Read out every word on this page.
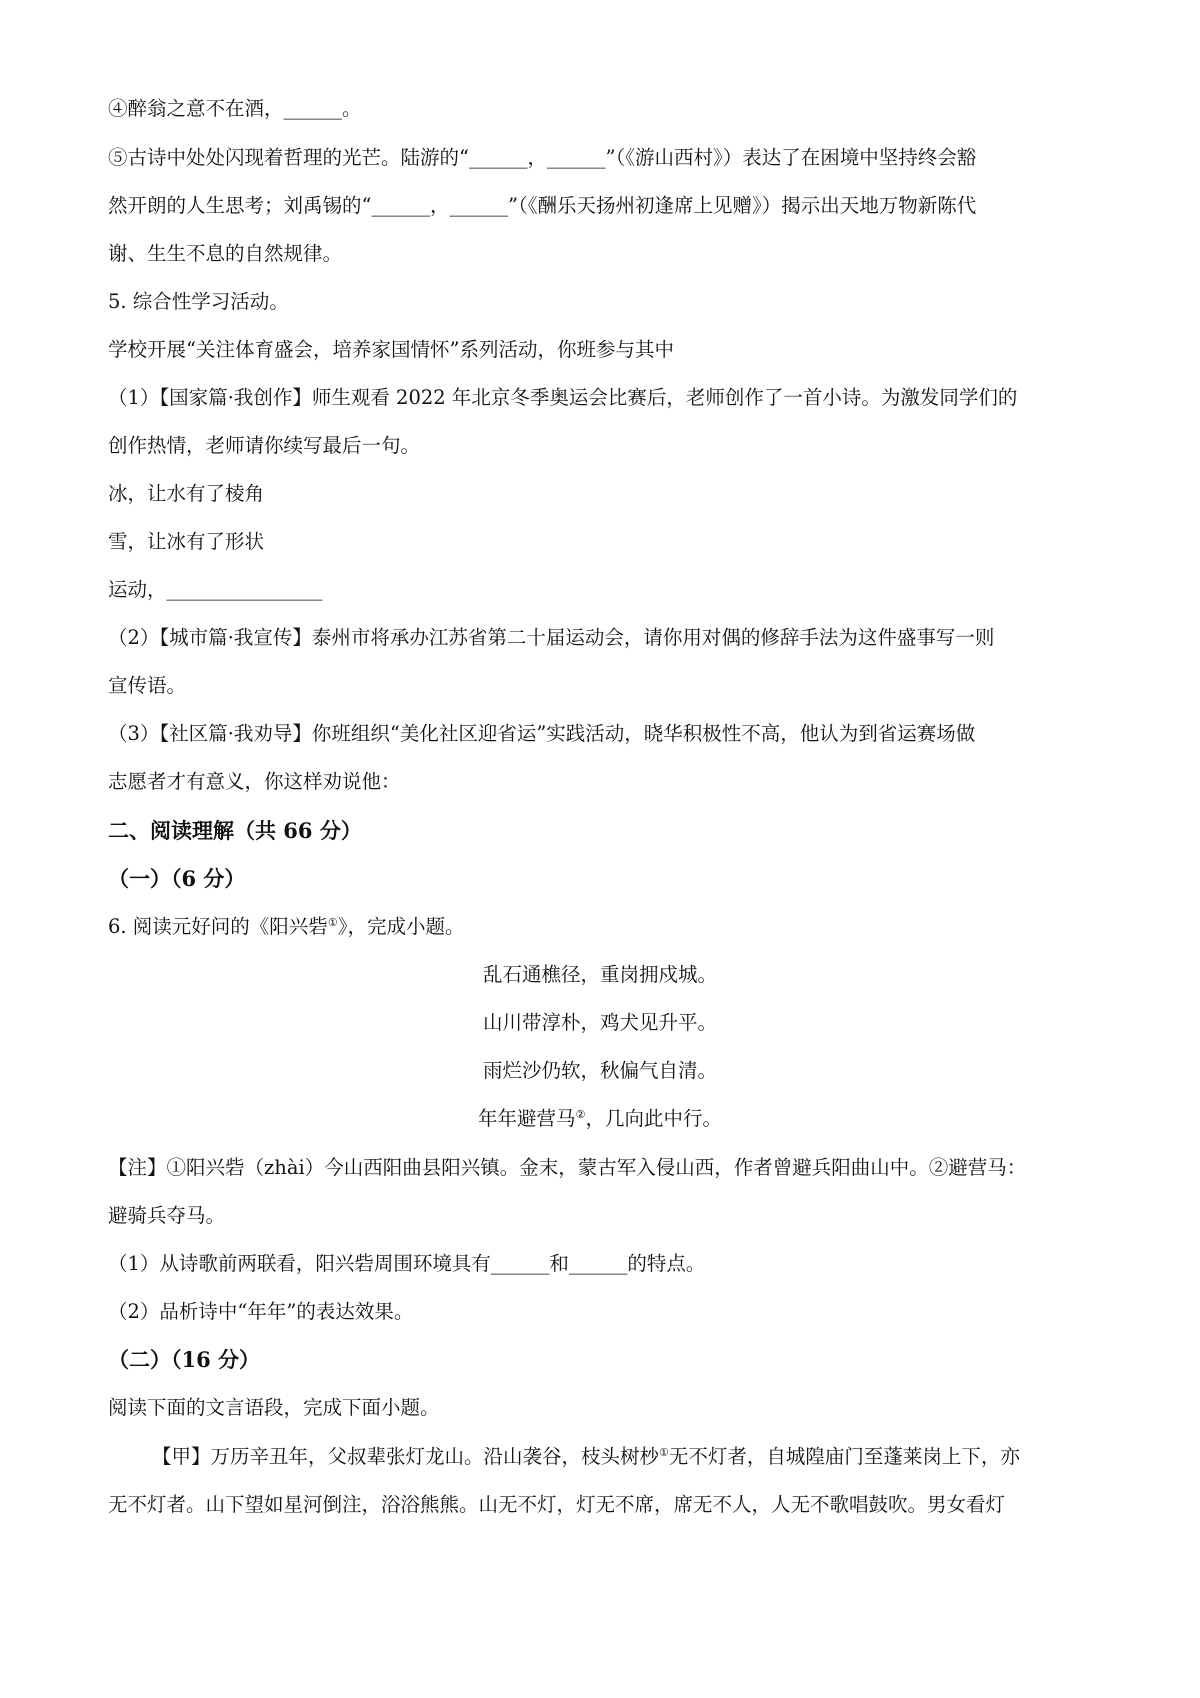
④醉翁之意不在酒，______。
⑤古诗中处处闪现着哲理的光芒。陆游的“______，______”（《游山西村》）表达了在困境中坚持终会豁
然开朗的人生思考；刘禹锡的“______，______”（《酬乐天扬州初逢席上见赠》）揭示出天地万物新陈代
谢、生生不息的自然规律。
5. 综合性学习活动。
学校开展“关注体育盛会，培养家国情怀”系列活动，你班参与其中
（1）【国家篇·我创作】师生观看 2022 年北京冬季奥运会比赛后，老师创作了一首小诗。为激发同学们的
创作热情，老师请你续写最后一句。
冰，让水有了棱角
雪，让冰有了形状
运动，________________
（2）【城市篇·我宣传】泰州市将承办江苏省第二十届运动会，请你用对偶的修辞手法为这件盛事写一则
宣传语。
（3）【社区篇·我劝导】你班组织“美化社区迎省运”实践活动，晓华积极性不高，他认为到省运赛场做
志愿者才有意义，你这样劝说他：
二、阅读理解（共 66 分）
（一）（6 分）
6. 阅读元好问的《阳兴砦①》，完成小题。
乱石通樵径，重岗拥戍城。
山川带淳朴，鸡犬见升平。
雨烂沙仍软，秋偏气自清。
年年避营马②，几向此中行。
【注】①阳兴砦（zhài）今山西阳曲县阳兴镇。金末，蒙古军入侵山西，作者曾避兵阳曲山中。②避营马：
避骑兵夺马。
（1）从诗歌前两联看，阳兴砦周围环境具有______和______的特点。
（2）品析诗中“年年”的表达效果。
（二）（16 分）
阅读下面的文言语段，完成下面小题。
【甲】万历辛丑年，父叔辈张灯龙山。沿山袭谷，枝头树杪①无不灯者，自城隍庙门至蓬莱岗上下，亦
无不灯者。山下望如星河倒注，浴浴熊熊。山无不灯，灯无不席，席无不人，人无不歌唱鼓吹。男女看灯
